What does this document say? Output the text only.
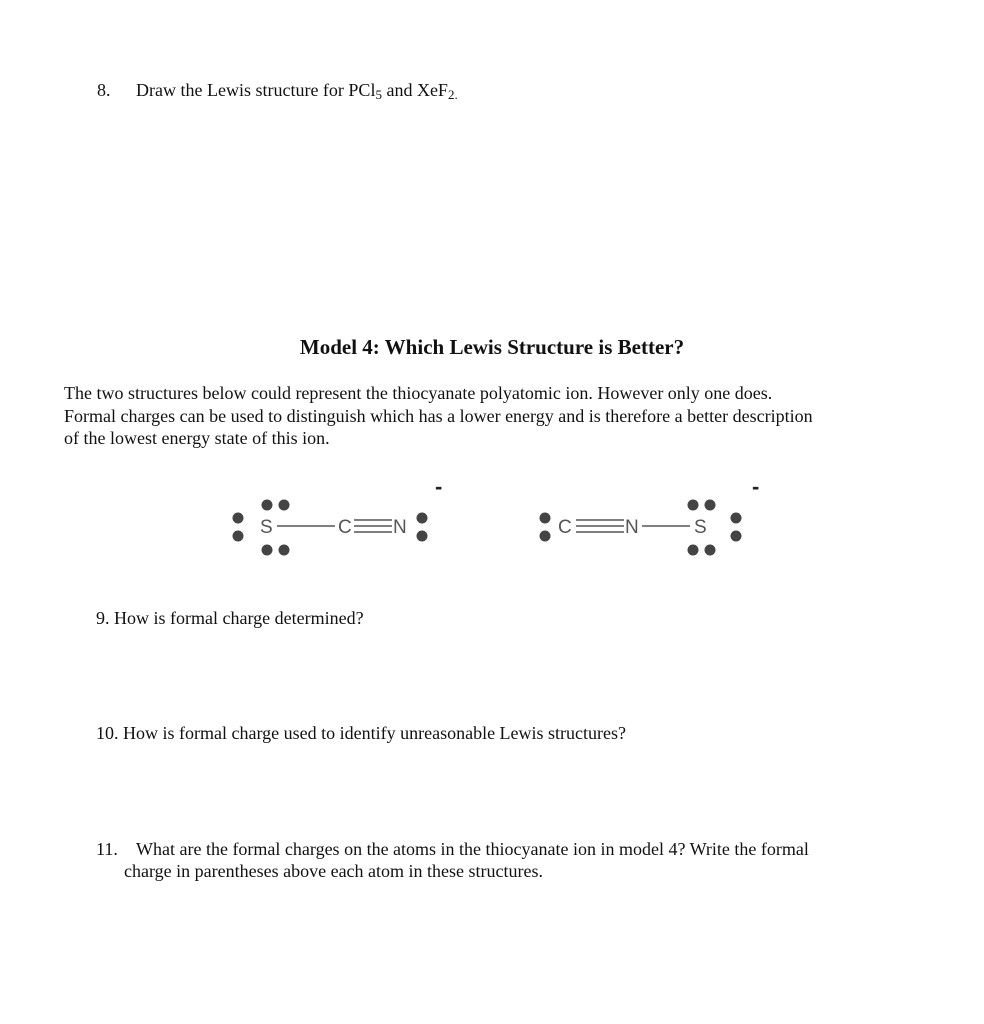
8. Draw the Lewis structure for PCl$_5$ and XeF$_{2.}$
Model 4: Which Lewis Structure is Better?

The two structures below could represent the thiocyanate polyatomic ion. However only one does.
Formal charges can be used to distinguish which has a lower energy and is therefore a better description
of the lowest energy state of this ion.

S	C N
-
C	N	S
-
9. How is formal charge determined?
10. How is formal charge used to identify unreasonable Lewis structures?
11. What are the formal charges on the atoms in the thiocyanate ion in model 4? Write the formal
charge in parentheses above each atom in these structures.
